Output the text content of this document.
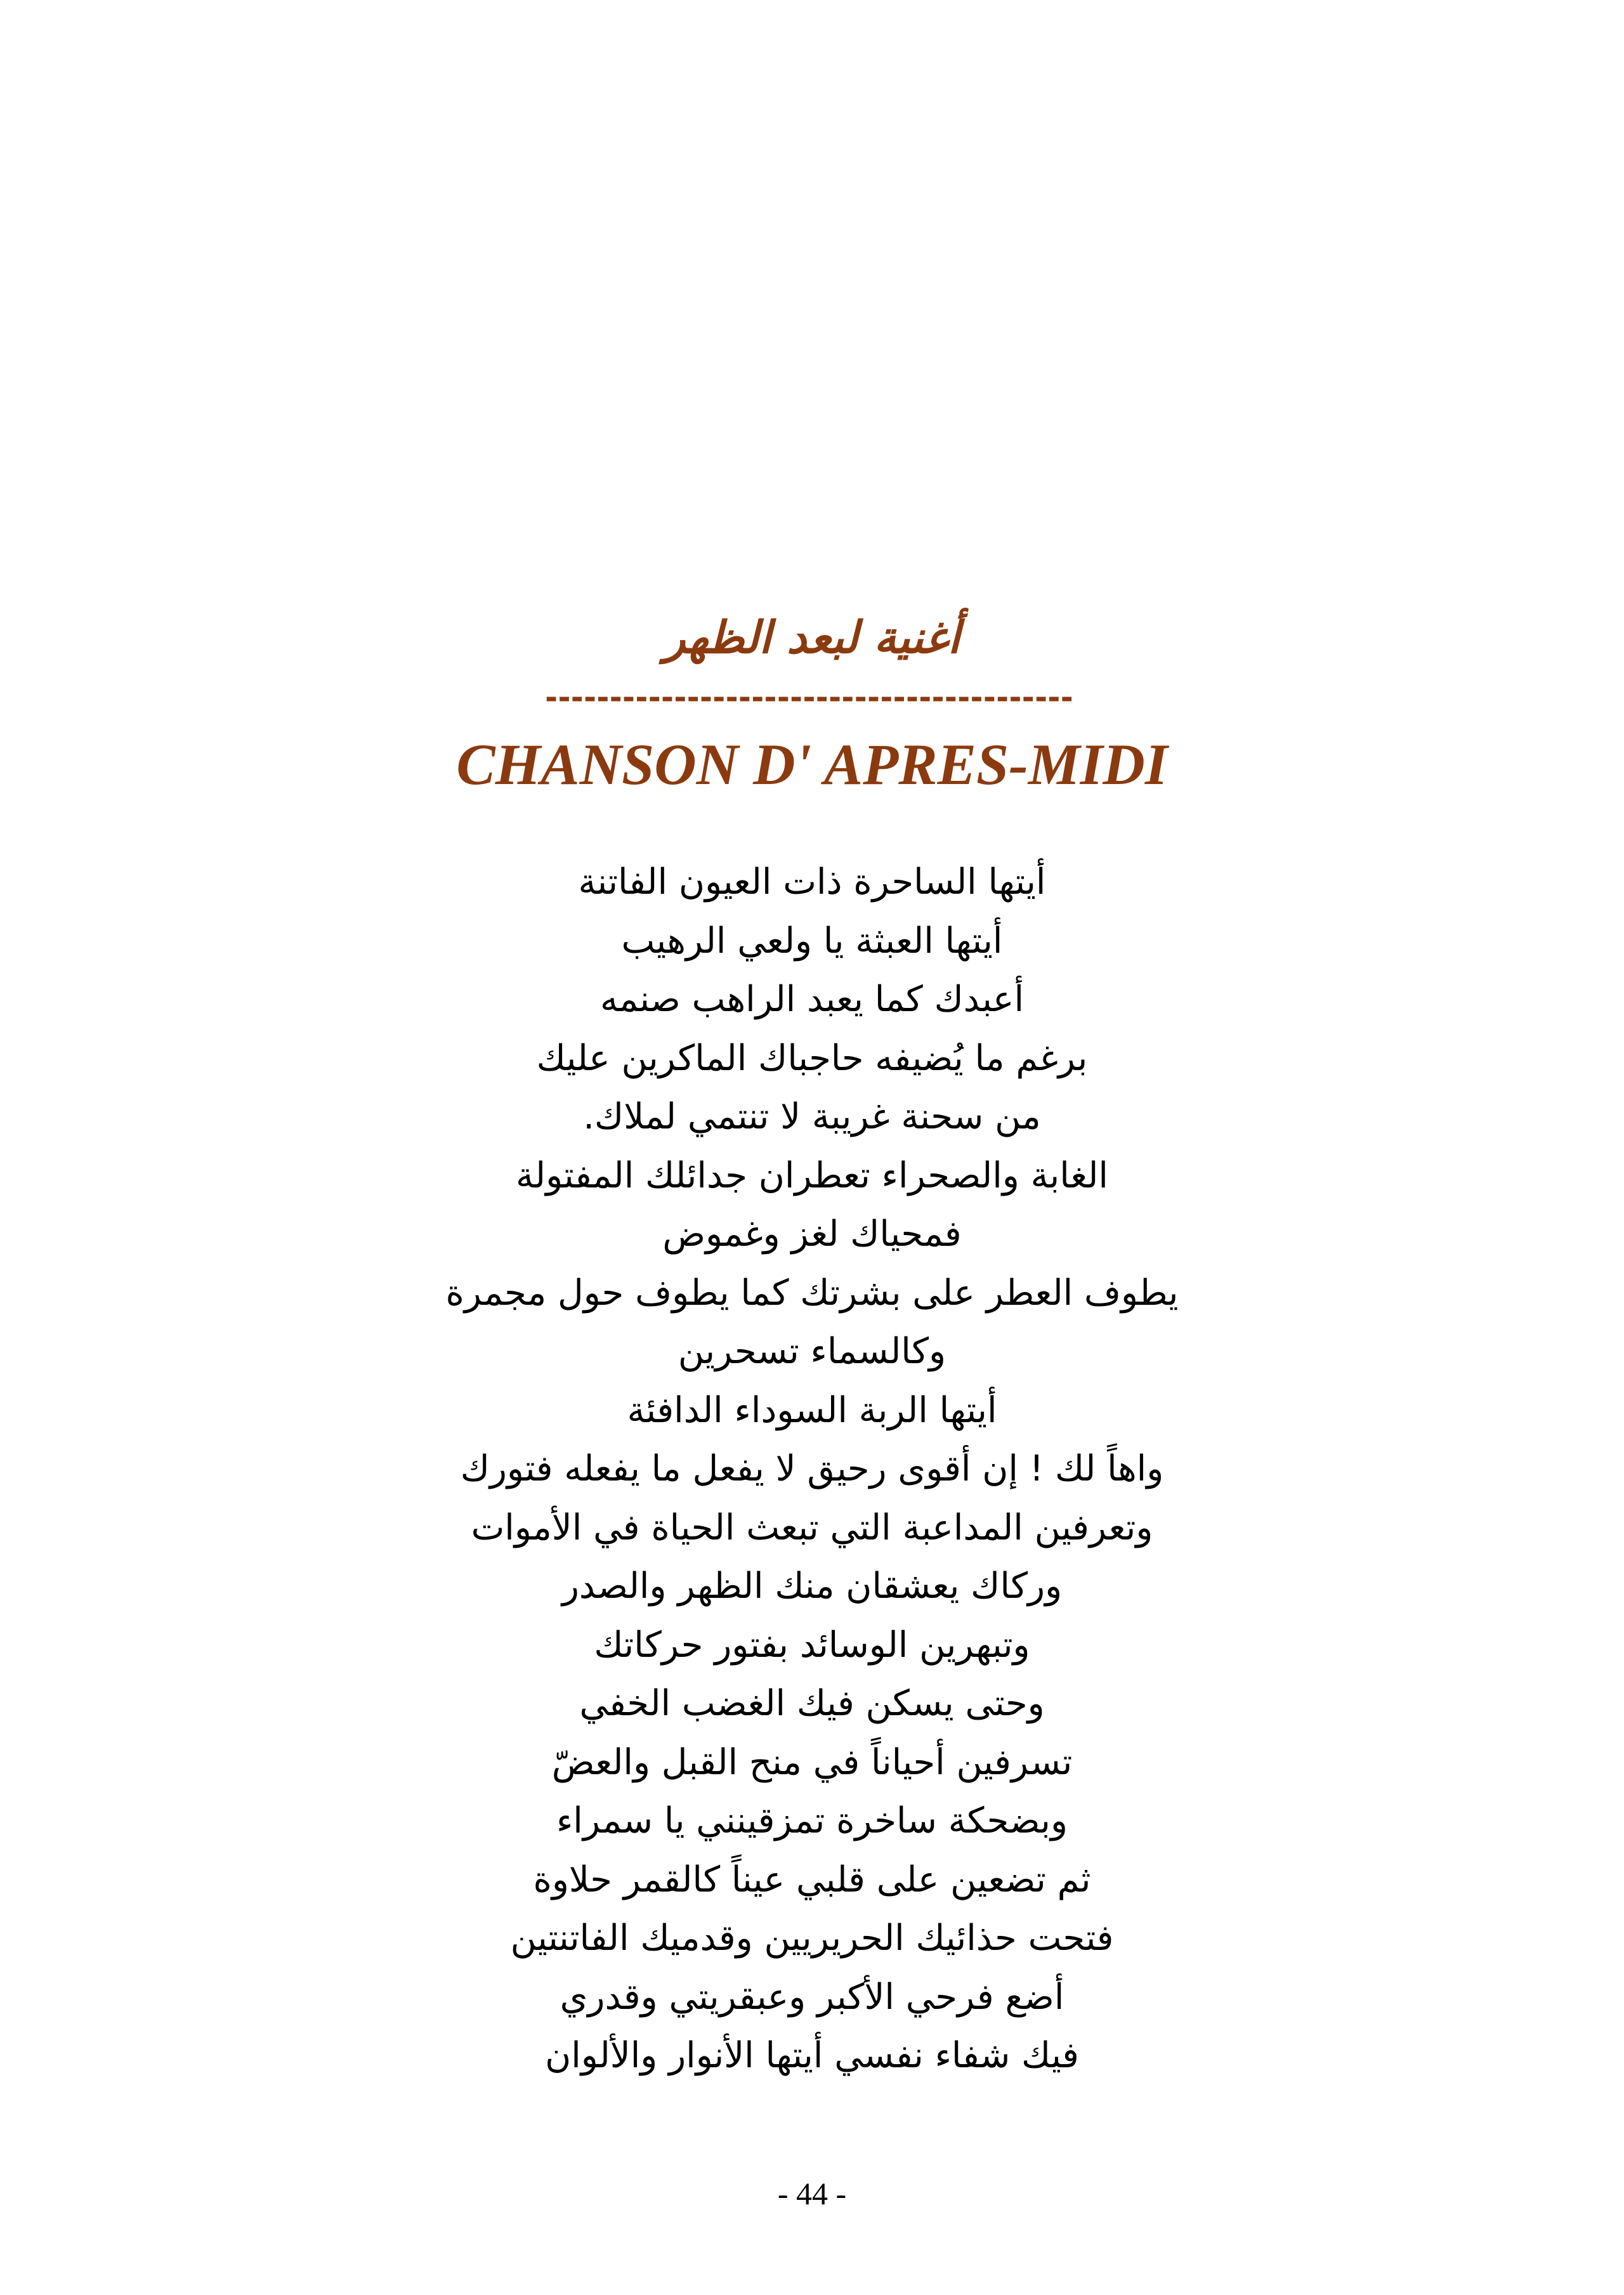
أغنية لبعد الظهر
-----------------------------------------
CHANSON D' APRES-MIDI
أيتها الساحرة ذات العيون الفاتنة
أيتها العبثة يا ولعي الرهيب
أعبدك كما يعبد الراهب صنمه
برغم ما يُضيفه حاجباك الماكرين عليك
من سحنة غريبة لا تنتمي لملاك.
الغابة والصحراء تعطران جدائلك المفتولة
فمحياك لغز وغموض
يطوف العطر على بشرتك كما يطوف حول مجمرة
وكالسماء تسحرين
أيتها الربة السوداء الدافئة
واهاً لك ! إن أقوى رحيق لا يفعل ما يفعله فتورك
وتعرفين المداعبة التي تبعث الحياة في الأموات
وركاك يعشقان منك الظهر والصدر
وتبهرين الوسائد بفتور حركاتك
وحتى يسكن فيك الغضب الخفي
تسرفين أحياناً في منح القبل والعضّ
وبضحكة ساخرة تمزقينني يا سمراء
ثم تضعين على قلبي عيناً كالقمر حلاوة
فتحت حذائيك الحريريين وقدميك الفاتنتين
أضع فرحي الأكبر وعبقريتي وقدري
فيك شفاء نفسي أيتها الأنوار والألوان
- 44 -
